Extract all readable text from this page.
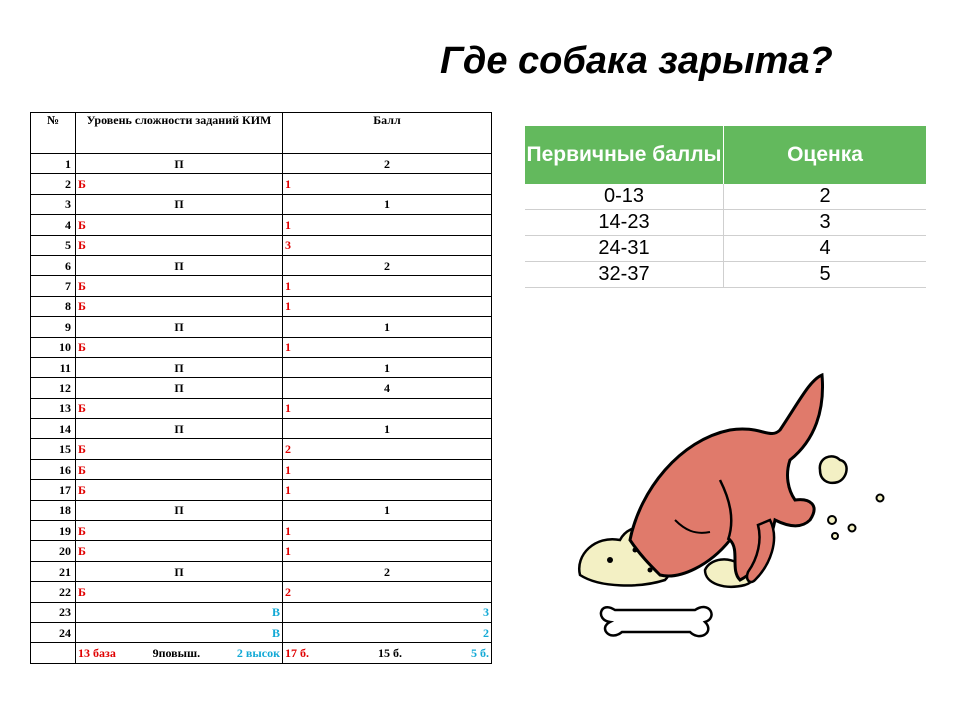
Где собака зарыта?
№	Уровень сложности заданий КИМ	Балл
1	П	2
2	Б	1
3	П	1
4	Б	1
5	Б	3
6	П	2
7	Б	1
8	Б	1
9	П	1
10	Б	1
11	П	1
12	П	4
13	Б	1
14	П	1
15	Б	2
16	Б	1
17	Б	1
18	П	1
19	Б	1
20	Б	1
21	П	2
22	Б	2
23	В	3
24	В	2

	13 база 9повыш. 2 высок	17 б. 15 б. 5 б.
Первичные баллы	Оценка
0-13	2
14-23	3
24-31	4
32-37	5
